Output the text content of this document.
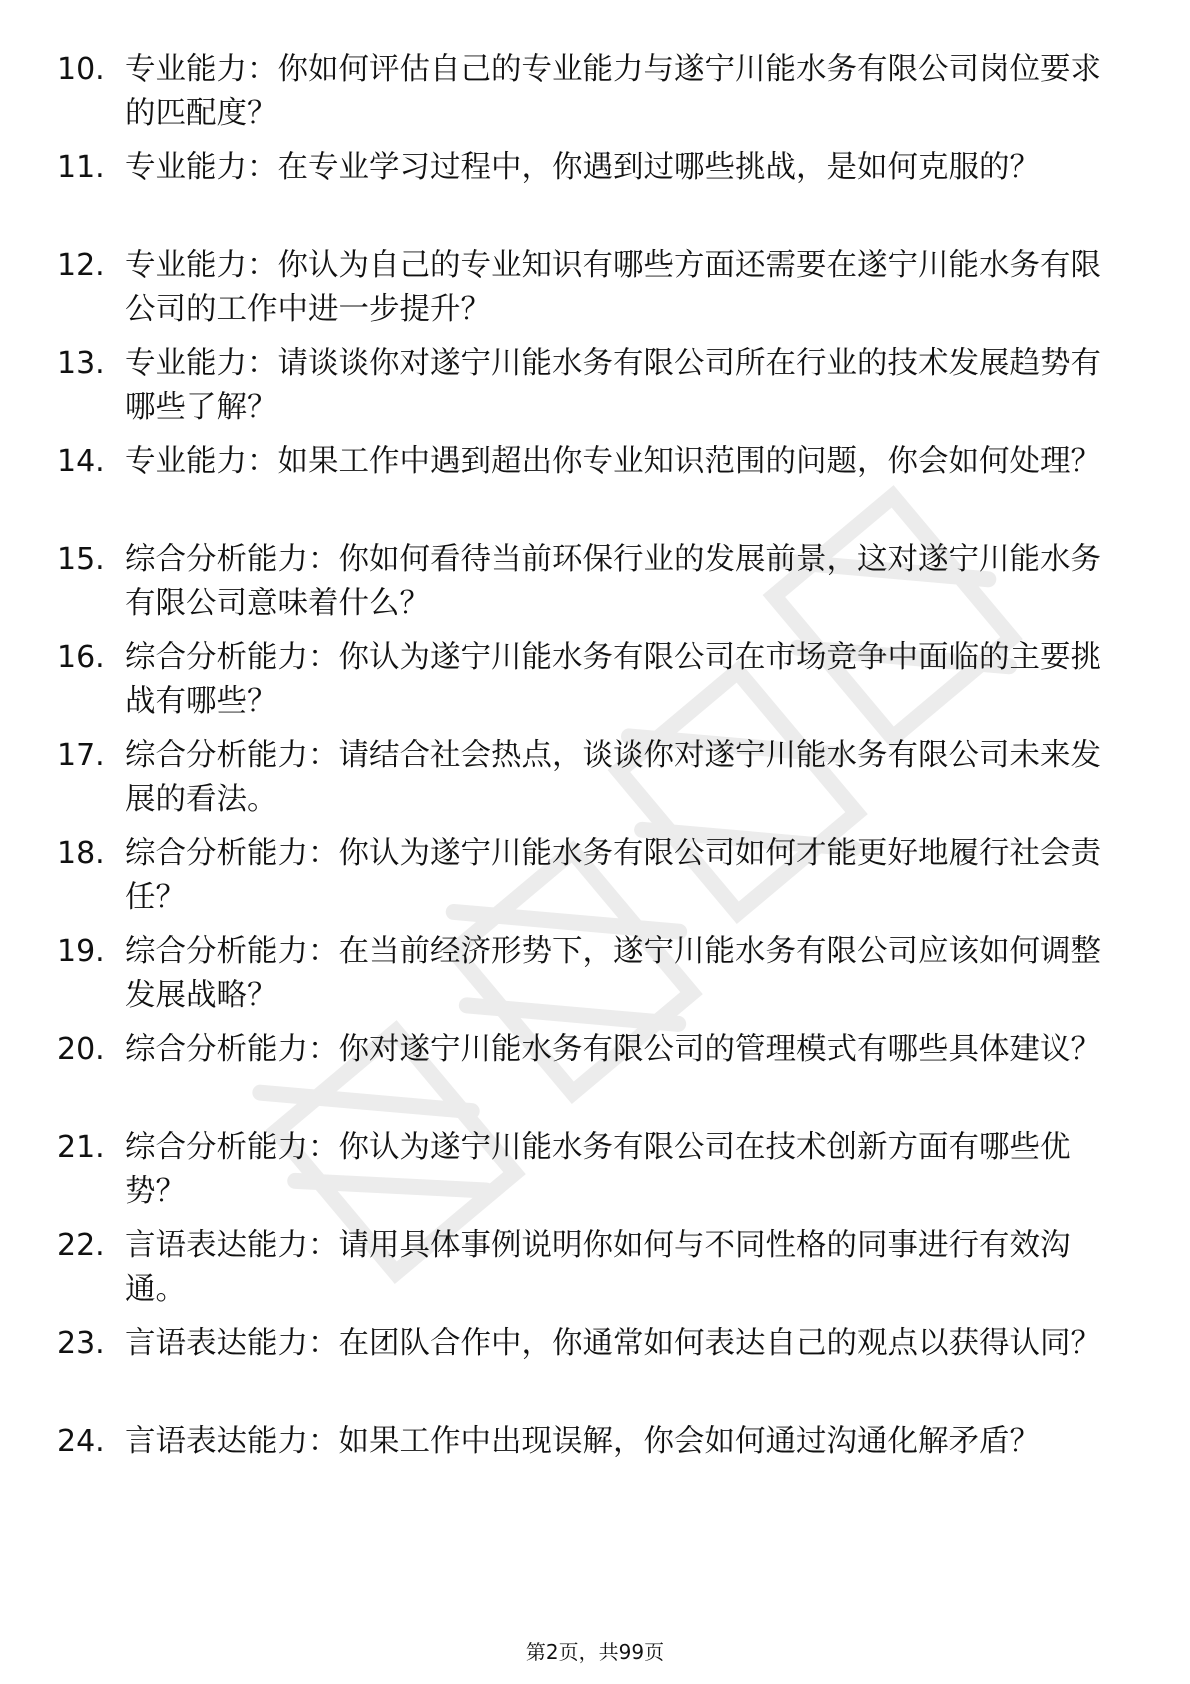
10. 专业能力：你如何评估自己的专业能力与遂宁川能水务有限公司岗位要求的匹配度？
11. 专业能力：在专业学习过程中，你遇到过哪些挑战，是如何克服的？
12. 专业能力：你认为自己的专业知识有哪些方面还需要在遂宁川能水务有限公司的工作中进一步提升？
13. 专业能力：请谈谈你对遂宁川能水务有限公司所在行业的技术发展趋势有哪些了解？
14. 专业能力：如果工作中遇到超出你专业知识范围的问题，你会如何处理？
15. 综合分析能力：你如何看待当前环保行业的发展前景，这对遂宁川能水务有限公司意味着什么？
16. 综合分析能力：你认为遂宁川能水务有限公司在市场竞争中面临的主要挑战有哪些？
17. 综合分析能力：请结合社会热点，谈谈你对遂宁川能水务有限公司未来发展的看法。
18. 综合分析能力：你认为遂宁川能水务有限公司如何才能更好地履行社会责任？
19. 综合分析能力：在当前经济形势下，遂宁川能水务有限公司应该如何调整发展战略？
20. 综合分析能力：你对遂宁川能水务有限公司的管理模式有哪些具体建议？
21. 综合分析能力：你认为遂宁川能水务有限公司在技术创新方面有哪些优势？
22. 言语表达能力：请用具体事例说明你如何与不同性格的同事进行有效沟通。
23. 言语表达能力：在团队合作中，你通常如何表达自己的观点以获得认同？
24. 言语表达能力：如果工作中出现误解，你会如何通过沟通化解矛盾？
第2页，共99页
